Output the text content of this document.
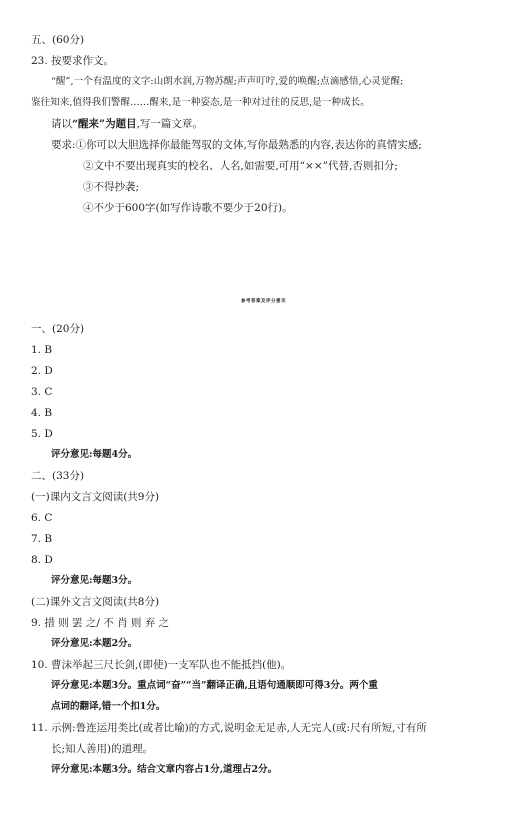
五、(60分)
23. 按要求作文。
“醒”,一个有温度的文字:山朗水润,万物苏醒;声声叮咛,爱的唤醒;点滴感悟,心灵觉醒;
鉴往知来,值得我们警醒……醒来,是一种姿态,是一种对过往的反思,是一种成长。
请以“醒来”为题目,写一篇文章。
要求:①你可以大胆选择你最能驾驭的文体,写你最熟悉的内容,表达你的真情实感;
②文中不要出现真实的校名、人名,如需要,可用“××”代替,否则扣分;
③不得抄袭;
④不少于600字(如写作诗歌不要少于20行)。
参考答案及评分意见
一、(20分)
1. B
2. D
3. C
4. B
5. D
评分意见:每题4分。
二、(33分)
(一)课内文言文阅读(共9分)
6. C
7. B
8. D
评分意见:每题3分。
(二)课外文言文阅读(共8分)
9. 措 则 罢 之/ 不 肖 则 弃 之
评分意见:本题2分。
10. 曹沫举起三尺长剑,(即使)一支军队也不能抵挡(他)。
评分意见:本题3分。重点词“奋”“当”翻译正确,且语句通顺即可得3分。两个重
点词的翻译,错一个扣1分。
11. 示例:鲁连运用类比(或者比喻)的方式,说明金无足赤,人无完人(或:尺有所短,寸有所
长;知人善用)的道理。
评分意见:本题3分。结合文章内容占1分,道理占2分。
